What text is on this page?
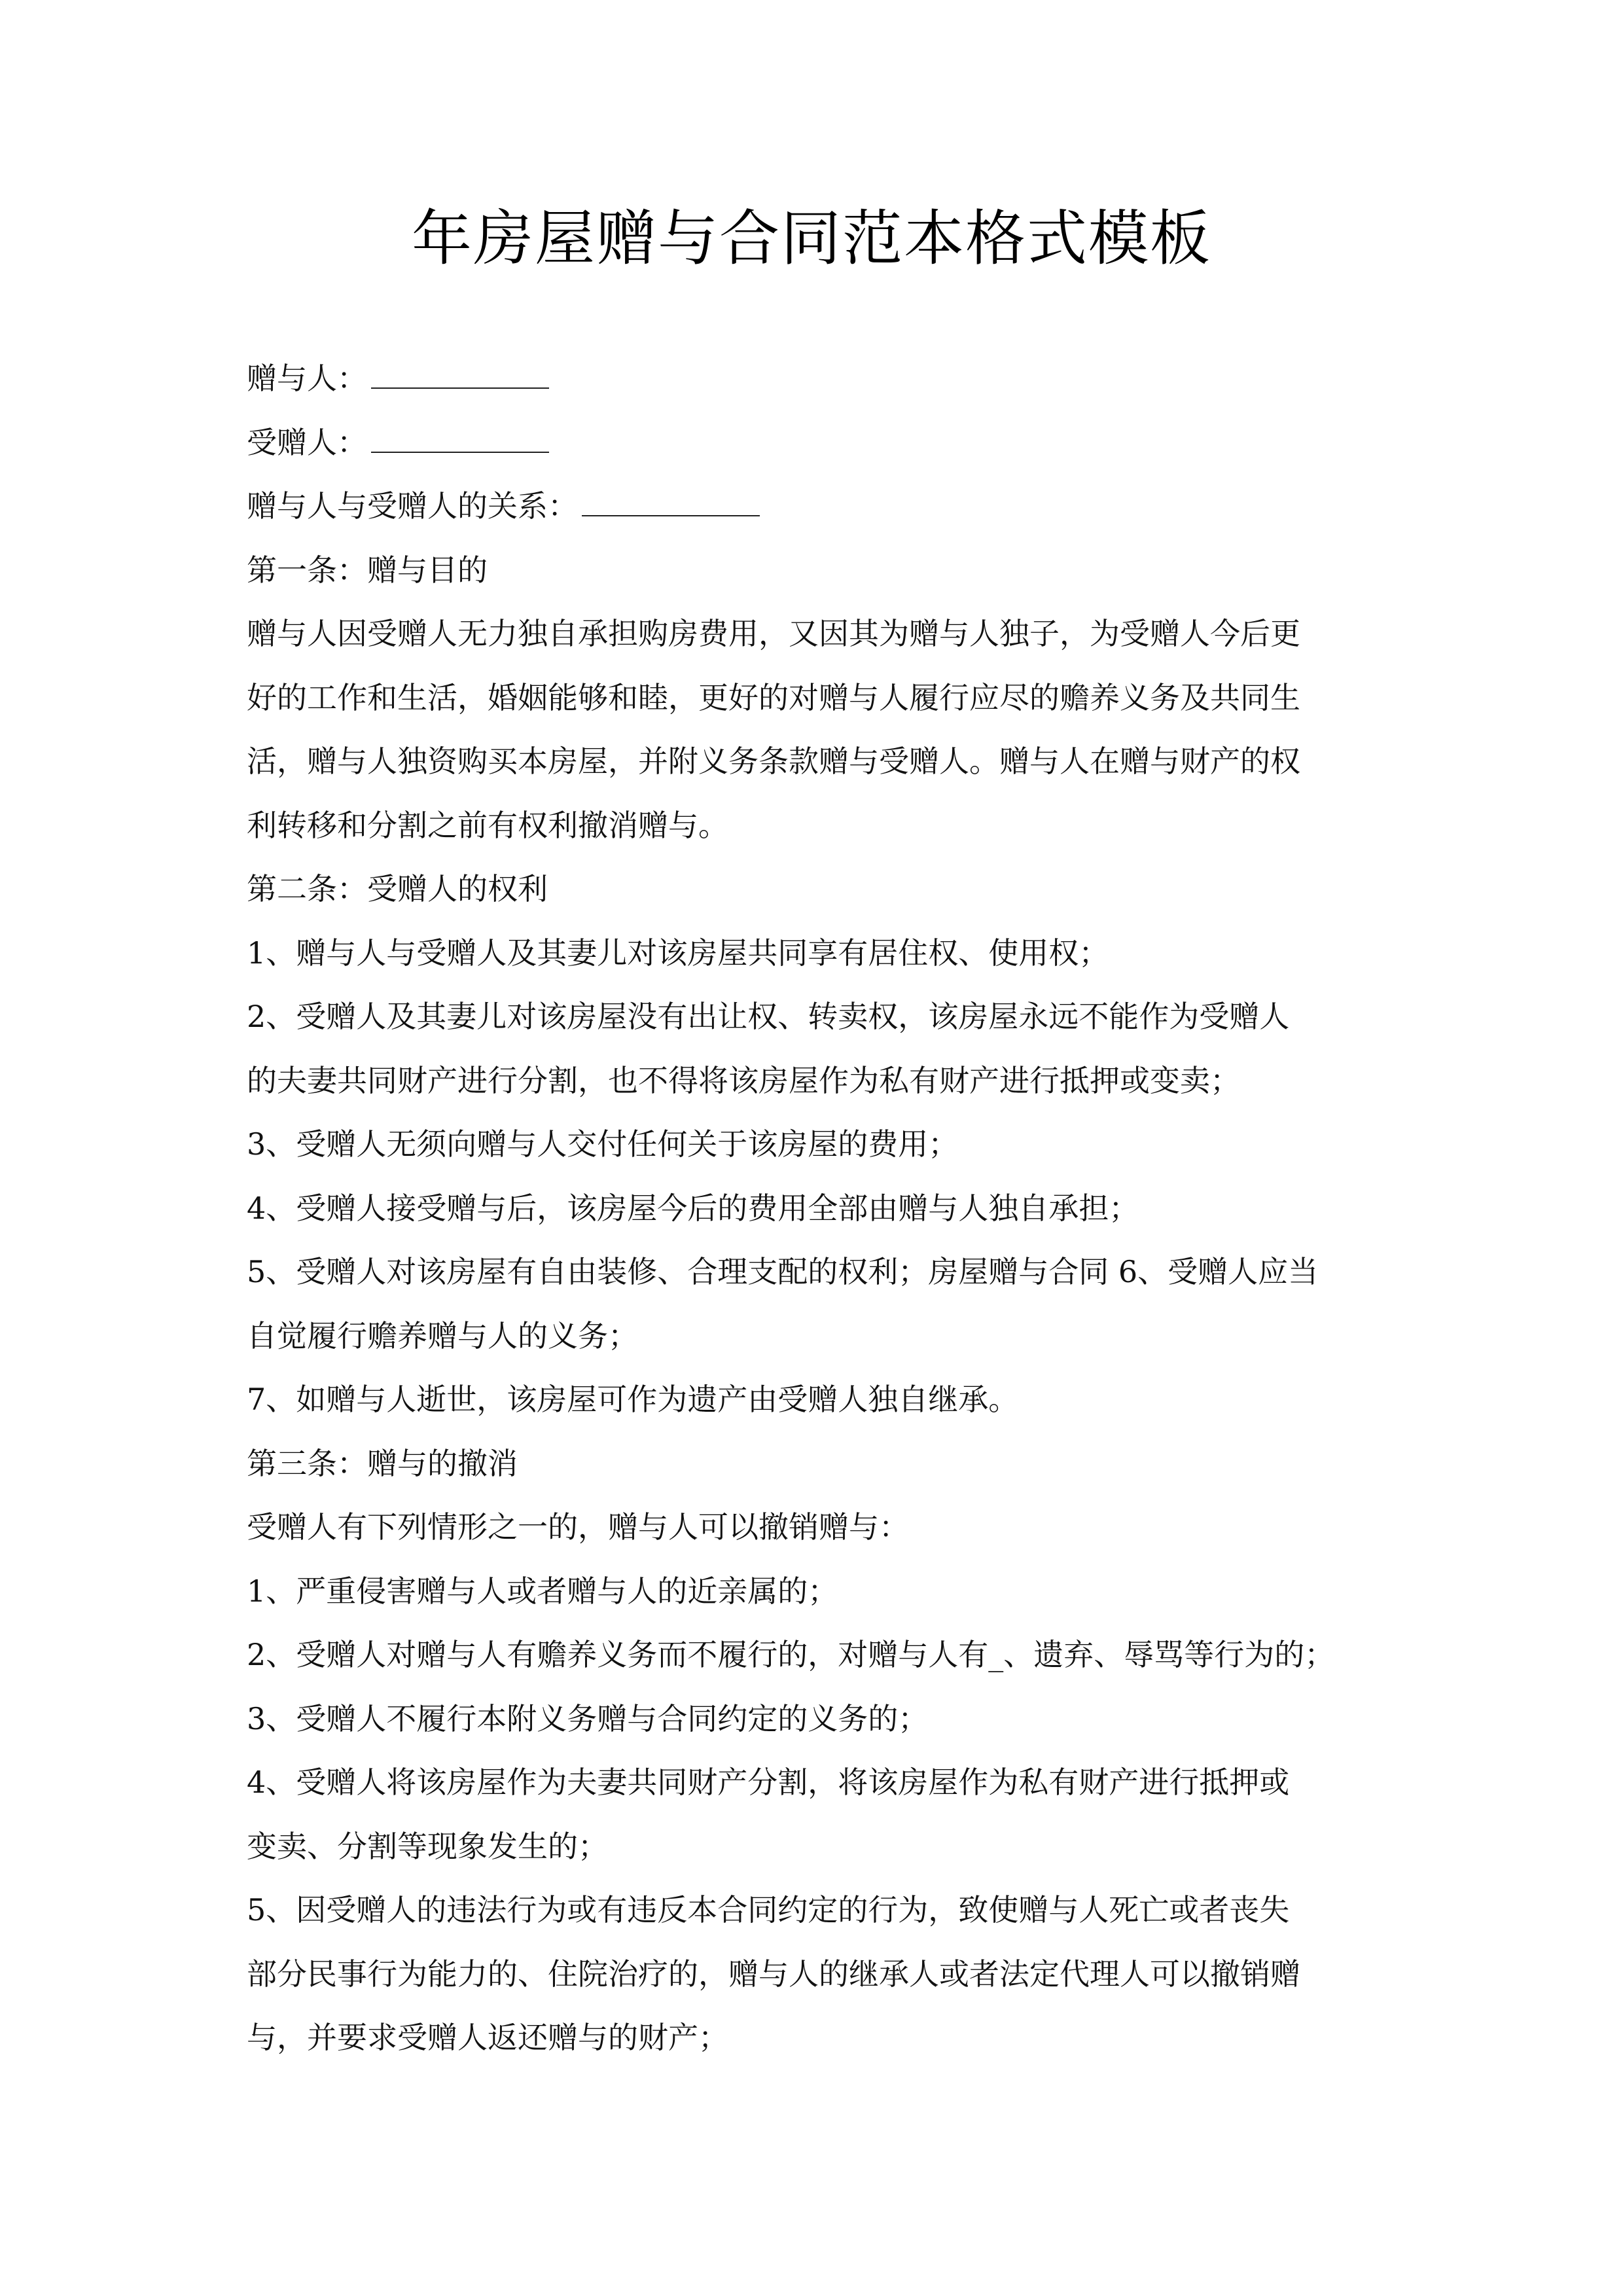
年房屋赠与合同范本格式模板
赠与人：
受赠人：
赠与人与受赠人的关系：
第一条：赠与目的
赠与人因受赠人无力独自承担购房费用，又因其为赠与人独子，为受赠人今后更
好的工作和生活，婚姻能够和睦，更好的对赠与人履行应尽的赡养义务及共同生
活，赠与人独资购买本房屋，并附义务条款赠与受赠人。赠与人在赠与财产的权
利转移和分割之前有权利撤消赠与。
第二条：受赠人的权利
1、赠与人与受赠人及其妻儿对该房屋共同享有居住权、使用权；
2、受赠人及其妻儿对该房屋没有出让权、转卖权，该房屋永远不能作为受赠人
的夫妻共同财产进行分割，也不得将该房屋作为私有财产进行抵押或变卖；
3、受赠人无须向赠与人交付任何关于该房屋的费用；
4、受赠人接受赠与后，该房屋今后的费用全部由赠与人独自承担；
5、受赠人对该房屋有自由装修、合理支配的权利；房屋赠与合同 6、受赠人应当
自觉履行赡养赠与人的义务；
7、如赠与人逝世，该房屋可作为遗产由受赠人独自继承。
第三条：赠与的撤消
受赠人有下列情形之一的，赠与人可以撤销赠与：
1、严重侵害赠与人或者赠与人的近亲属的；
2、受赠人对赠与人有赡养义务而不履行的，对赠与人有_、遗弃、辱骂等行为的；
3、受赠人不履行本附义务赠与合同约定的义务的；
4、受赠人将该房屋作为夫妻共同财产分割，将该房屋作为私有财产进行抵押或
变卖、分割等现象发生的；
5、因受赠人的违法行为或有违反本合同约定的行为，致使赠与人死亡或者丧失
部分民事行为能力的、住院治疗的，赠与人的继承人或者法定代理人可以撤销赠
与，并要求受赠人返还赠与的财产；
